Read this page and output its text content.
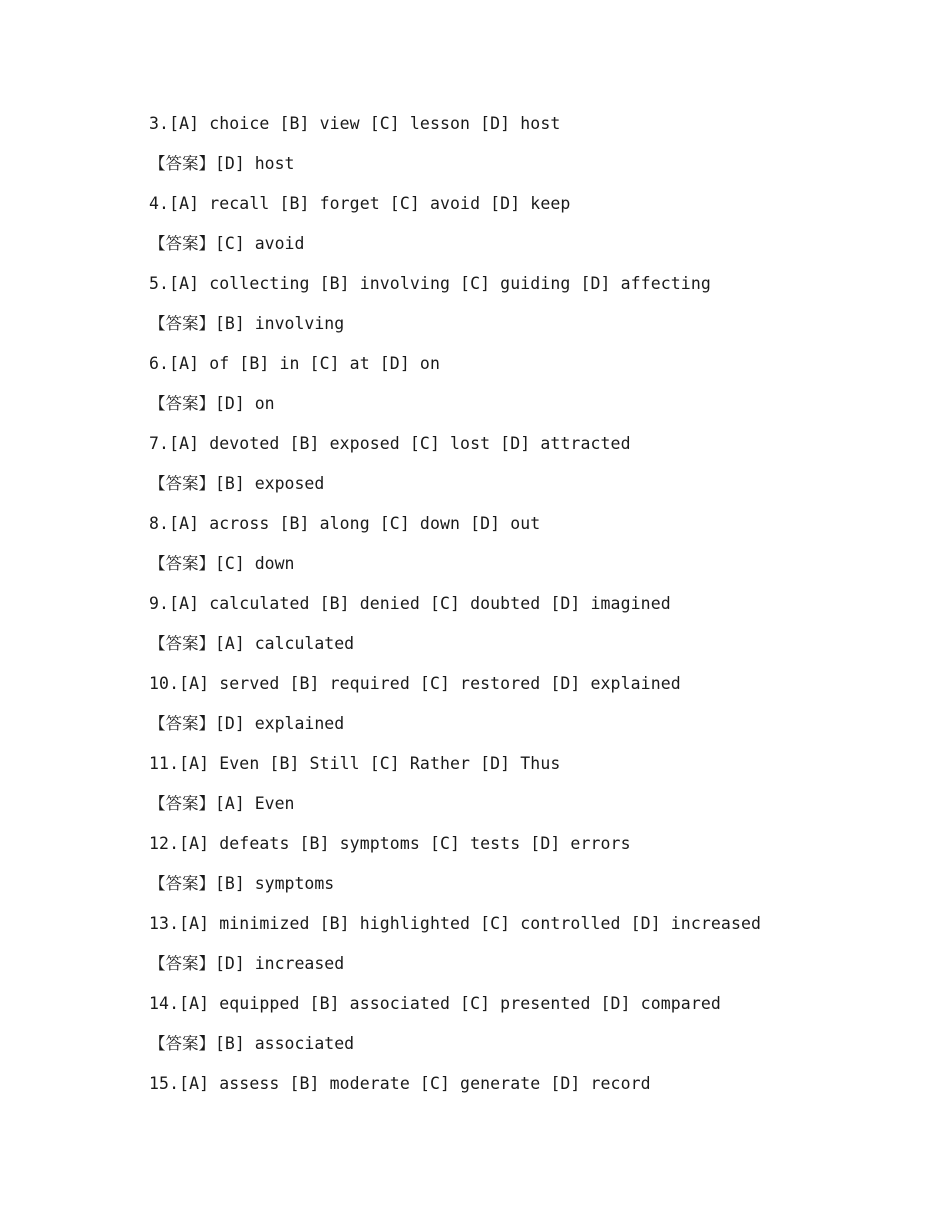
3.[A] choice [B] view [C] lesson [D] host
【答案】[D] host
4.[A] recall [B] forget [C] avoid [D] keep
【答案】[C] avoid
5.[A] collecting [B] involving [C] guiding [D] affecting
【答案】[B] involving
6.[A] of [B] in [C] at [D] on
【答案】[D] on
7.[A] devoted [B] exposed [C] lost [D] attracted
【答案】[B] exposed
8.[A] across [B] along [C] down [D] out
【答案】[C] down
9.[A] calculated [B] denied [C] doubted [D] imagined
【答案】[A] calculated
10.[A] served [B] required [C] restored [D] explained
【答案】[D] explained
11.[A] Even [B] Still [C] Rather [D] Thus
【答案】[A] Even
12.[A] defeats [B] symptoms [C] tests [D] errors
【答案】[B] symptoms
13.[A] minimized [B] highlighted [C] controlled [D] increased
【答案】[D] increased
14.[A] equipped [B] associated [C] presented [D] compared
【答案】[B] associated
15.[A] assess [B] moderate [C] generate [D] record
